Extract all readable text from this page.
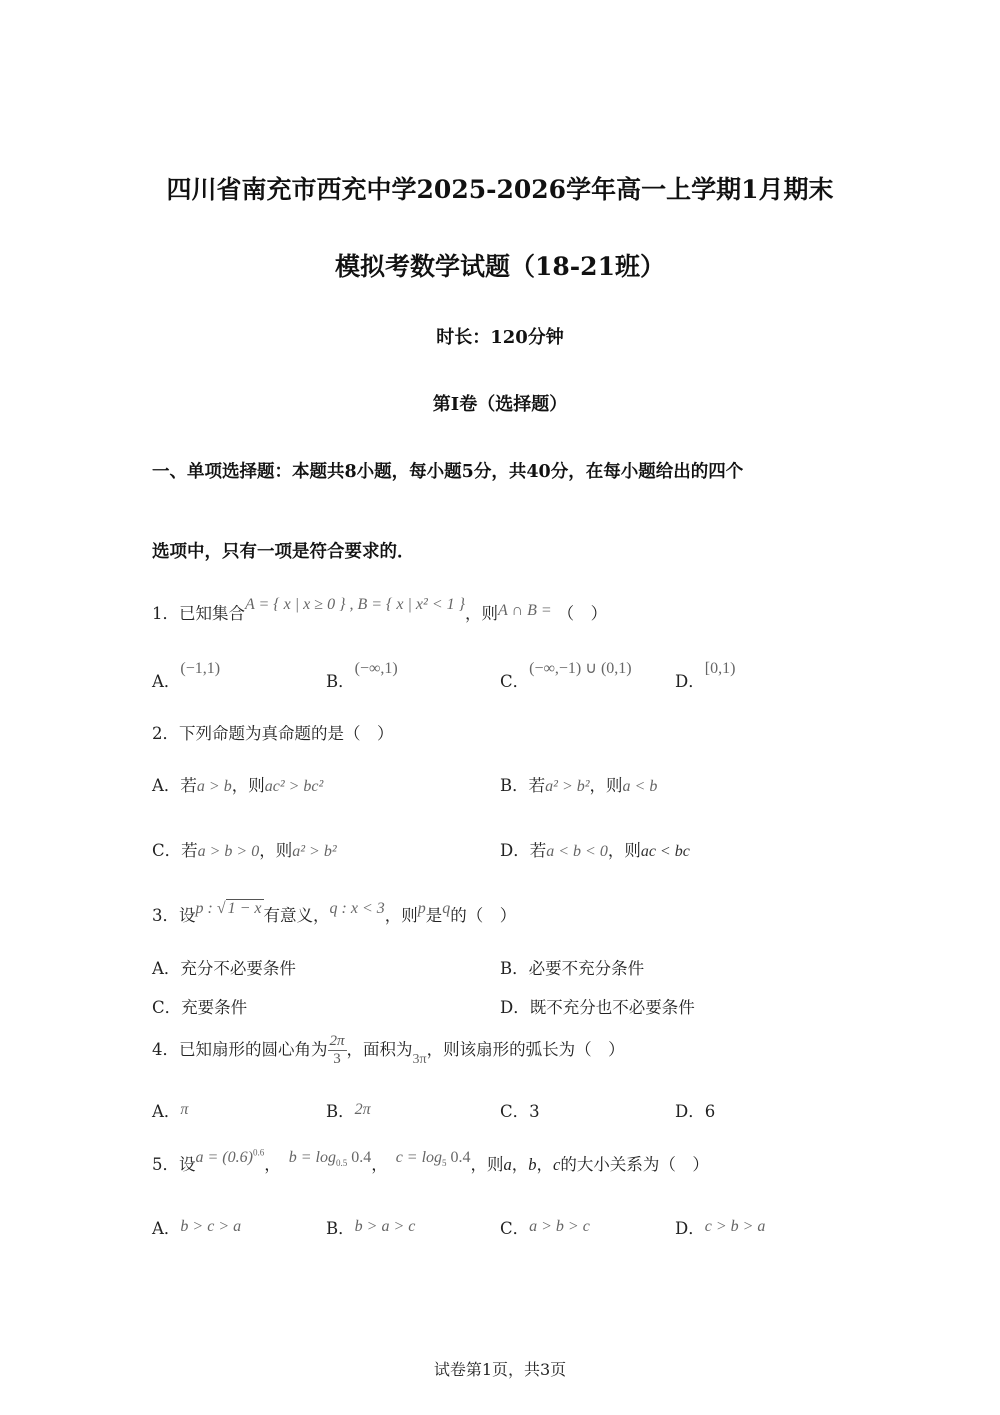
四川省南充市西充中学2025-2026学年高一上学期1月期末
模拟考数学试题（18-21班）
时长：120分钟
第I卷（选择题）
一、单项选择题：本题共8小题，每小题5分，共40分，在每小题给出的四个
选项中，只有一项是符合要求的．
1．已知集合A = { x | x ≥ 0 } , B = { x | x² < 1 }，则A ∩ B = （　）
A．(−1,1)
B．(−∞,1)
C．(−∞,−1) ∪ (0,1)
D．[0,1)
2．下列命题为真命题的是（　）
A．若a > b，则ac² > bc²	B．若a² > b²，则a < b
C．若a > b > 0，则a² > b²	D．若a < b < 0，则ac < bc
3．设p : √ 1 − x 有意义，q : x < 3，则p是q的（　）
A．充分不必要条件	B．必要不充分条件
C．充要条件	D．既不充分也不必要条件
4．已知扇形的圆心角为 $\frac{2\pi}{3}$ ，面积为$_{3\pi}$，则该扇形的弧长为（　）
A．π	B．2π	C．3	D．6
5．设$a = (0.6)^{0.6}$， $b = \log_{0.5} 0.4$， $c = \log_5 0.4$，则a，b，c的大小关系为（　）
A．b > c > a	B．b > a > c	C．a > b > c	D．c > b > a
试卷第1页，共3页
